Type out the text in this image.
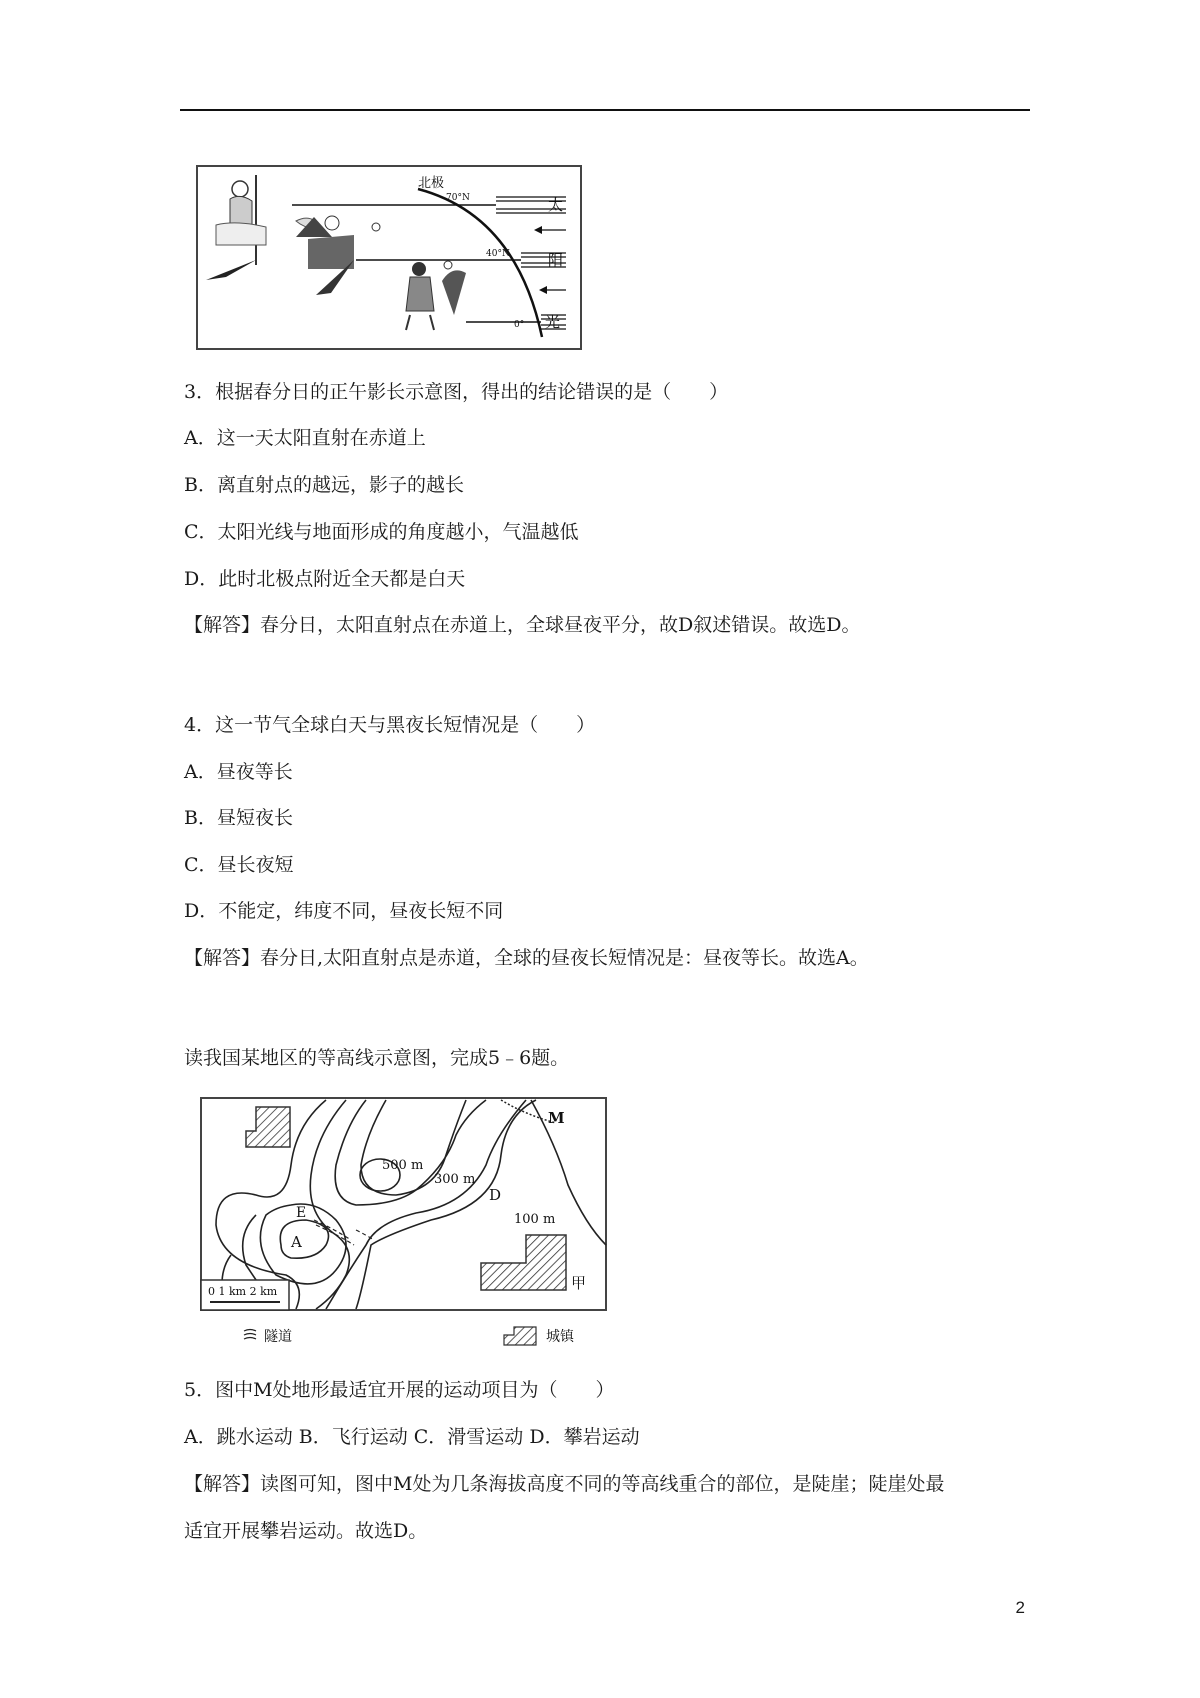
北极
70°N
40°N
0°
太
阳
光
3．根据春分日的正午影长示意图，得出的结论错误的是（　　）
A．这一天太阳直射在赤道上
B．离直射点的越远，影子的越长
C．太阳光线与地面形成的角度越小，气温越低
D．此时北极点附近全天都是白天
【解答】春分日，太阳直射点在赤道上，全球昼夜平分，故D叙述错误。故选D。
4．这一节气全球白天与黑夜长短情况是（　　）
A．昼夜等长
B．昼短夜长
C．昼长夜短
D．不能定，纬度不同，昼夜长短不同
【解答】春分日,太阳直射点是赤道，全球的昼夜长短情况是：昼夜等长。故选A。
读我国某地区的等高线示意图，完成5﹣6题。
0 1 km 2 km
M
500 m
300 m
D
100 m
E
A
甲
隧道	城镇
5．图中M处地形最适宜开展的运动项目为（　　）
A．跳水运动 B．飞行运动 C．滑雪运动 D．攀岩运动
【解答】读图可知，图中M处为几条海拔高度不同的等高线重合的部位，是陡崖；陡崖处最
适宜开展攀岩运动。故选D。
2
